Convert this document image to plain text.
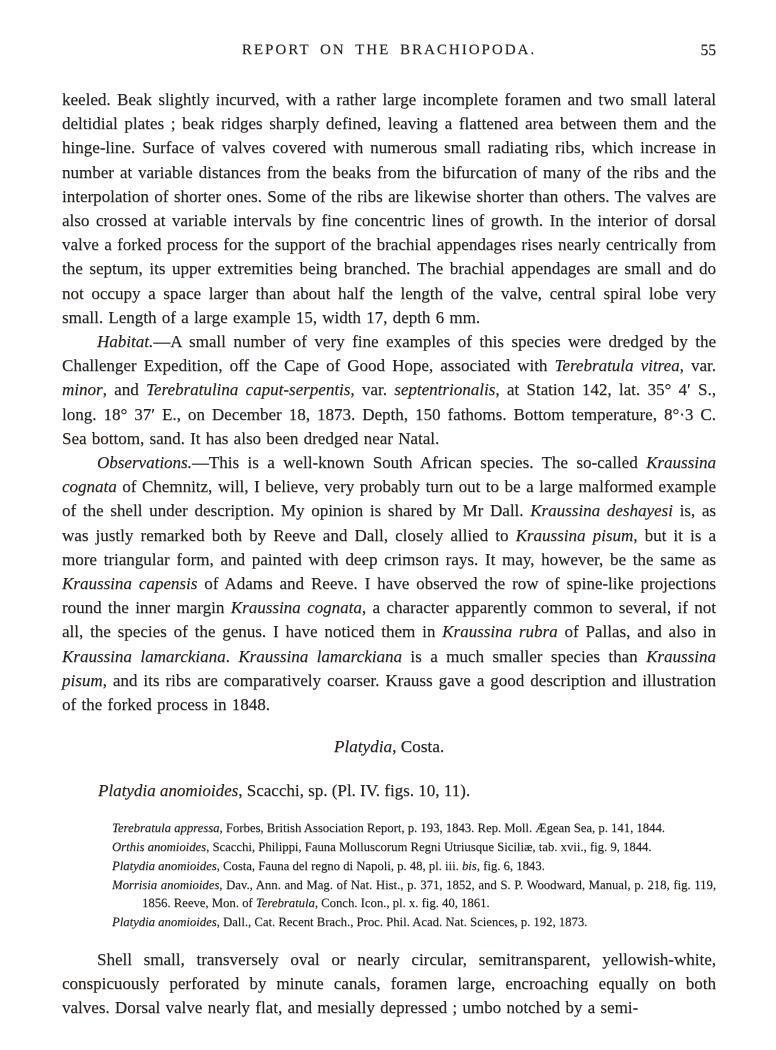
REPORT ON THE BRACHIOPODA.	55

keeled. Beak slightly incurved, with a rather large incomplete foramen and two small lateral deltidial plates ; beak ridges sharply defined, leaving a flattened area between them and the hinge-line. Surface of valves covered with numerous small radiating ribs, which increase in number at variable distances from the beaks from the bifurcation of many of the ribs and the interpolation of shorter ones. Some of the ribs are likewise shorter than others. The valves are also crossed at variable intervals by fine concentric lines of growth. In the interior of dorsal valve a forked process for the support of the brachial appendages rises nearly centrically from the septum, its upper extremities being branched. The brachial appendages are small and do not occupy a space larger than about half the length of the valve, central spiral lobe very small. Length of a large example 15, width 17, depth 6 mm.

Habitat.—A small number of very fine examples of this species were dredged by the Challenger Expedition, off the Cape of Good Hope, associated with Terebratula vitrea, var. minor, and Terebratulina caput-serpentis, var. septentrionalis, at Station 142, lat. 35° 4′ S., long. 18° 37′ E., on December 18, 1873. Depth, 150 fathoms. Bottom temperature, 8°·3 C. Sea bottom, sand. It has also been dredged near Natal.

Observations.—This is a well-known South African species. The so-called Kraussina cognata of Chemnitz, will, I believe, very probably turn out to be a large malformed example of the shell under description. My opinion is shared by Mr Dall. Kraussina deshayesi is, as was justly remarked both by Reeve and Dall, closely allied to Kraussina pisum, but it is a more triangular form, and painted with deep crimson rays. It may, however, be the same as Kraussina capensis of Adams and Reeve. I have observed the row of spine-like projections round the inner margin Kraussina cognata, a character apparently common to several, if not all, the species of the genus. I have noticed them in Kraussina rubra of Pallas, and also in Kraussina lamarckiana. Kraussina lamarckiana is a much smaller species than Kraussina pisum, and its ribs are comparatively coarser. Krauss gave a good description and illustration of the forked process in 1848.

Platydia, Costa.

Platydia anomioides, Scacchi, sp. (Pl. IV. figs. 10, 11).

Terebratula appressa, Forbes, British Association Report, p. 193, 1843. Rep. Moll. Ægean Sea, p. 141, 1844.

Orthis anomioides, Scacchi, Philippi, Fauna Molluscorum Regni Utriusque Siciliæ, tab. xvii., fig. 9, 1844.

Platydia anomioides, Costa, Fauna del regno di Napoli, p. 48, pl. iii. bis, fig. 6, 1843.

Morrisia anomioides, Dav., Ann. and Mag. of Nat. Hist., p. 371, 1852, and S. P. Woodward, Manual, p. 218, fig. 119, 1856. Reeve, Mon. of Terebratula, Conch. Icon., pl. x. fig. 40, 1861.

Platydia anomioides, Dall., Cat. Recent Brach., Proc. Phil. Acad. Nat. Sciences, p. 192, 1873.

Shell small, transversely oval or nearly circular, semitransparent, yellowish-white, conspicuously perforated by minute canals, foramen large, encroaching equally on both valves. Dorsal valve nearly flat, and mesially depressed ; umbo notched by a semi-
